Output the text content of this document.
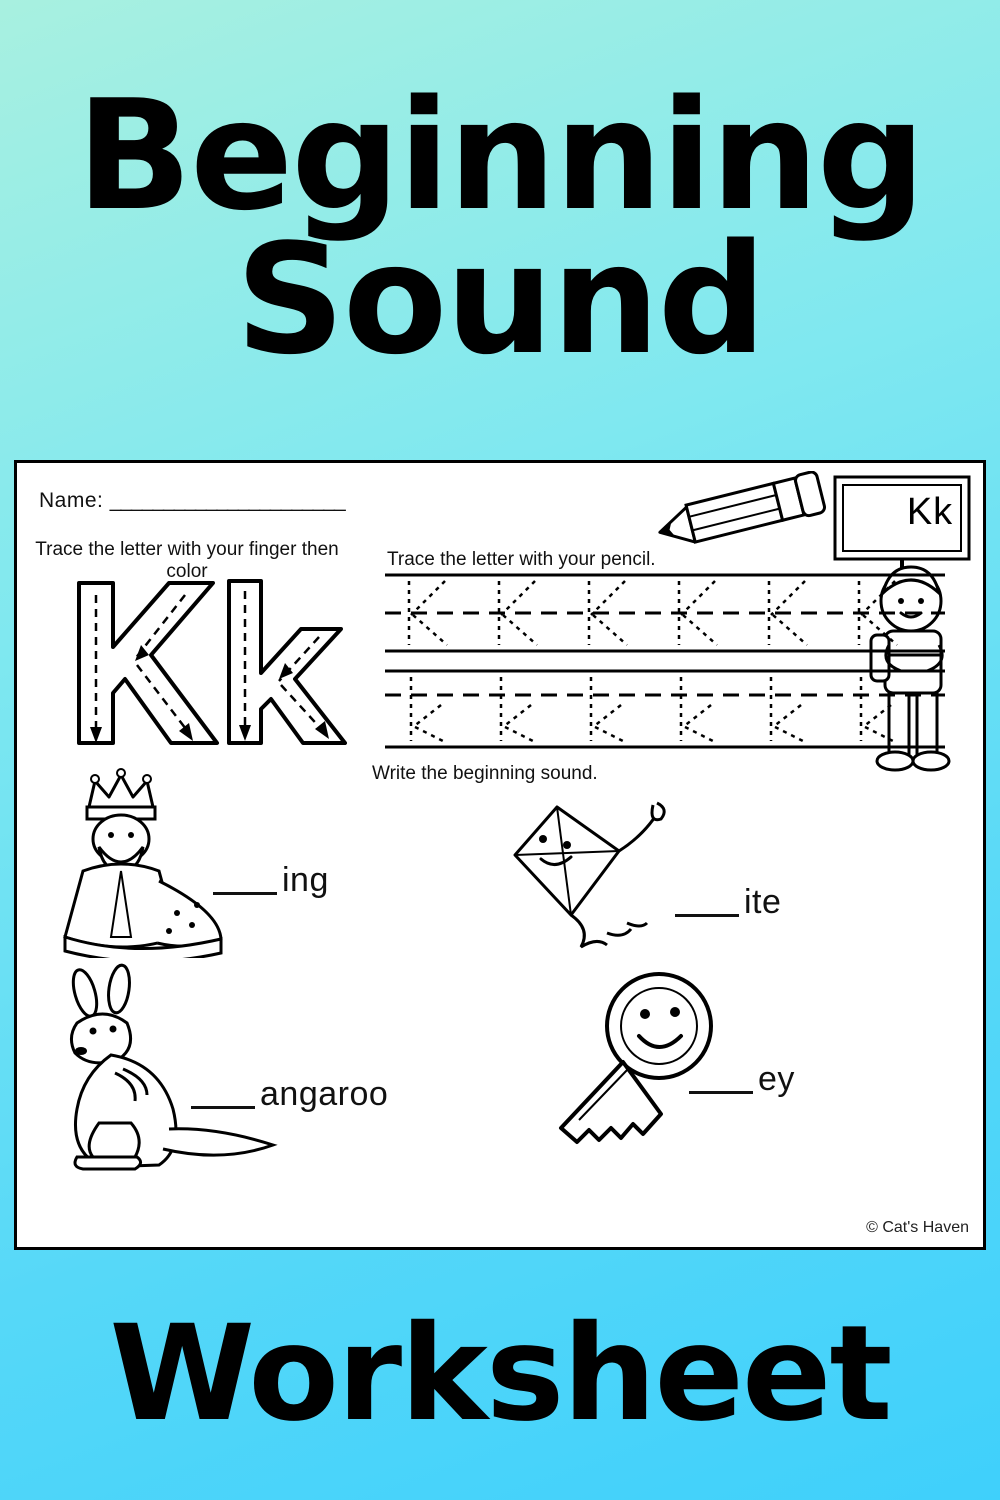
Beginning
Sound
Name: ______________________	Kk
Trace the letter with your finger then color
Trace the letter with your pencil.
Write the beginning sound.
ing
ite
angaroo	ey
© Cat's Haven
Worksheet
